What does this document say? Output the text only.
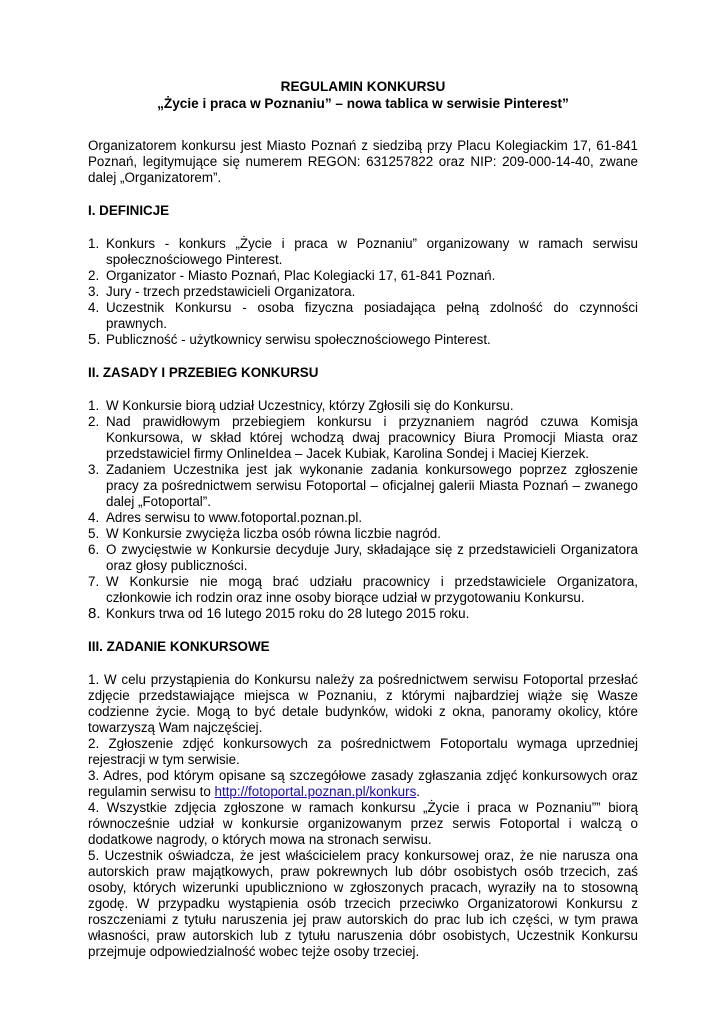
REGULAMIN KONKURSU
„Życie i praca w Poznaniu” – nowa tablica w serwisie Pinterest”
Organizatorem konkursu jest Miasto Poznań z siedzibą przy Placu Kolegiackim 17, 61-841 Poznań, legitymujące się numerem REGON: 631257822 oraz NIP: 209-000-14-40, zwane dalej „Organizatorem”.
I. DEFINICJE
1. Konkurs - konkurs „Życie i praca w Poznaniu” organizowany w ramach serwisu społecznościowego Pinterest.
2. Organizator - Miasto Poznań, Plac Kolegiacki 17, 61-841 Poznań.
3. Jury - trzech przedstawicieli Organizatora.
4. Uczestnik Konkursu - osoba fizyczna posiadająca pełną zdolność do czynności prawnych.
5. Publiczność - użytkownicy serwisu społecznościowego Pinterest.
II. ZASADY I PRZEBIEG KONKURSU
1. W Konkursie biorą udział Uczestnicy, którzy Zgłosili się do Konkursu.
2. Nad prawidłowym przebiegiem konkursu i przyznaniem nagród czuwa Komisja Konkursowa, w skład której wchodzą dwaj pracownicy Biura Promocji Miasta oraz przedstawiciel firmy OnlineIdea – Jacek Kubiak, Karolina Sondej i Maciej Kierzek.
3. Zadaniem Uczestnika jest jak wykonanie zadania konkursowego poprzez zgłoszenie pracy za pośrednictwem serwisu Fotoportal – oficjalnej galerii Miasta Poznań – zwanego dalej „Fotoportal”.
4. Adres serwisu to www.fotoportal.poznan.pl.
5. W Konkursie zwycięża liczba osób równa liczbie nagród.
6. O zwycięstwie w Konkursie decyduje Jury, składające się z przedstawicieli Organizatora oraz głosy publiczności.
7. W Konkursie nie mogą brać udziału pracownicy i przedstawiciele Organizatora, członkowie ich rodzin oraz inne osoby biorące udział w przygotowaniu Konkursu.
8. Konkurs trwa od 16 lutego 2015 roku do 28 lutego 2015 roku.
III. ZADANIE KONKURSOWE
1. W celu przystąpienia do Konkursu należy za pośrednictwem serwisu Fotoportal przesłać zdjęcie przedstawiające miejsca w Poznaniu, z którymi najbardziej wiąże się Wasze codzienne życie. Mogą to być detale budynków, widoki z okna, panoramy okolicy, które towarzyszą Wam najczęściej.
2. Zgłoszenie zdjęć konkursowych za pośrednictwem Fotoportalu wymaga uprzedniej rejestracji w tym serwisie.
3. Adres, pod którym opisane są szczegółowe zasady zgłaszania zdjęć konkursowych oraz regulamin serwisu to http://fotoportal.poznan.pl/konkurs.
4. Wszystkie zdjęcia zgłoszone w ramach konkursu „Życie i praca w Poznaniu”” biorą równocześnie udział w konkursie organizowanym przez serwis Fotoportal i walczą o dodatkowe nagrody, o których mowa na stronach serwisu.
5. Uczestnik oświadcza, że jest właścicielem pracy konkursowej oraz, że nie narusza ona autorskich praw majątkowych, praw pokrewnych lub dóbr osobistych osób trzecich, zaś osoby, których wizerunki upubliczniono w zgłoszonych pracach, wyraziły na to stosowną zgodę. W przypadku wystąpienia osób trzecich przeciwko Organizatorowi Konkursu z roszczeniami z tytułu naruszenia jej praw autorskich do prac lub ich części, w tym prawa własności, praw autorskich lub z tytułu naruszenia dóbr osobistych, Uczestnik Konkursu przejmuje odpowiedzialność wobec tejże osoby trzeciej.
